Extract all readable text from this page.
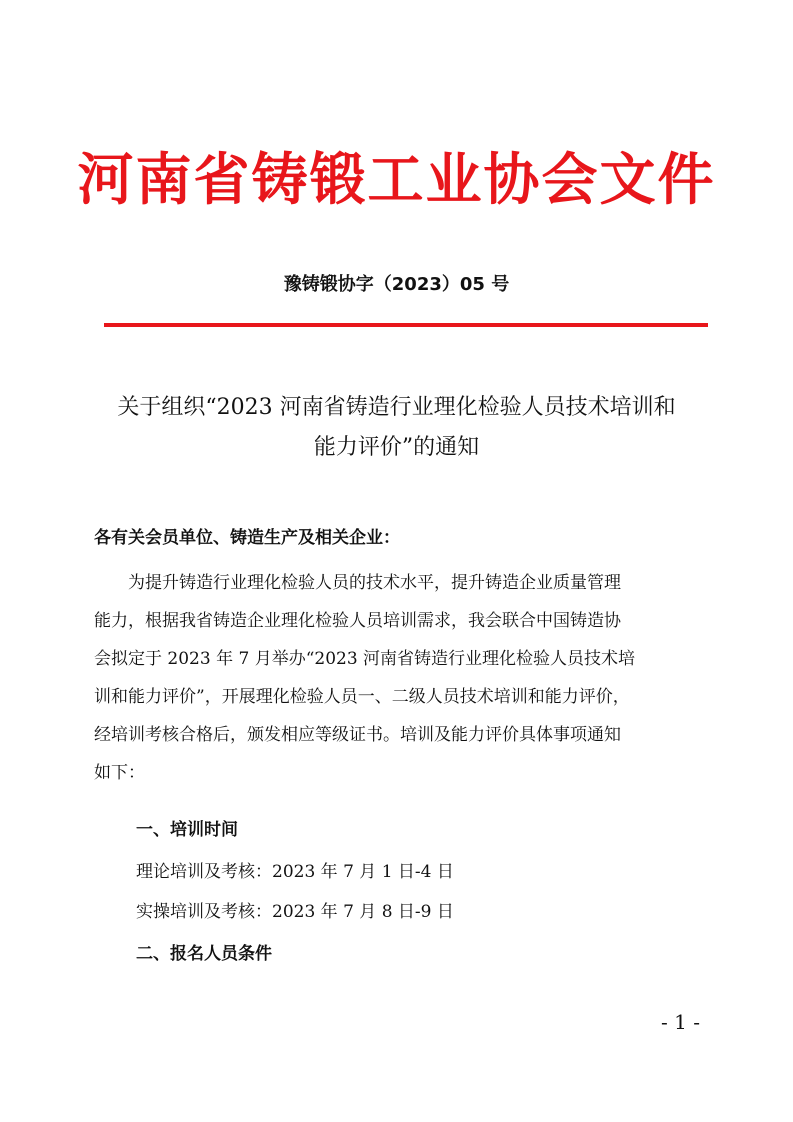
河南省铸锻工业协会文件
豫铸锻协字（2023）05 号
关于组织“2023 河南省铸造行业理化检验人员技术培训和
能力评价”的通知
各有关会员单位、铸造生产及相关企业：
　　为提升铸造行业理化检验人员的技术水平，提升铸造企业质量管理
能力，根据我省铸造企业理化检验人员培训需求，我会联合中国铸造协
会拟定于 2023 年 7 月举办“2023 河南省铸造行业理化检验人员技术培
训和能力评价”，开展理化检验人员一、二级人员技术培训和能力评价，
经培训考核合格后，颁发相应等级证书。培训及能力评价具体事项通知
如下：
一、培训时间
理论培训及考核：2023 年 7 月 1 日-4 日
实操培训及考核：2023 年 7 月 8 日-9 日
二、报名人员条件
- 1 -
